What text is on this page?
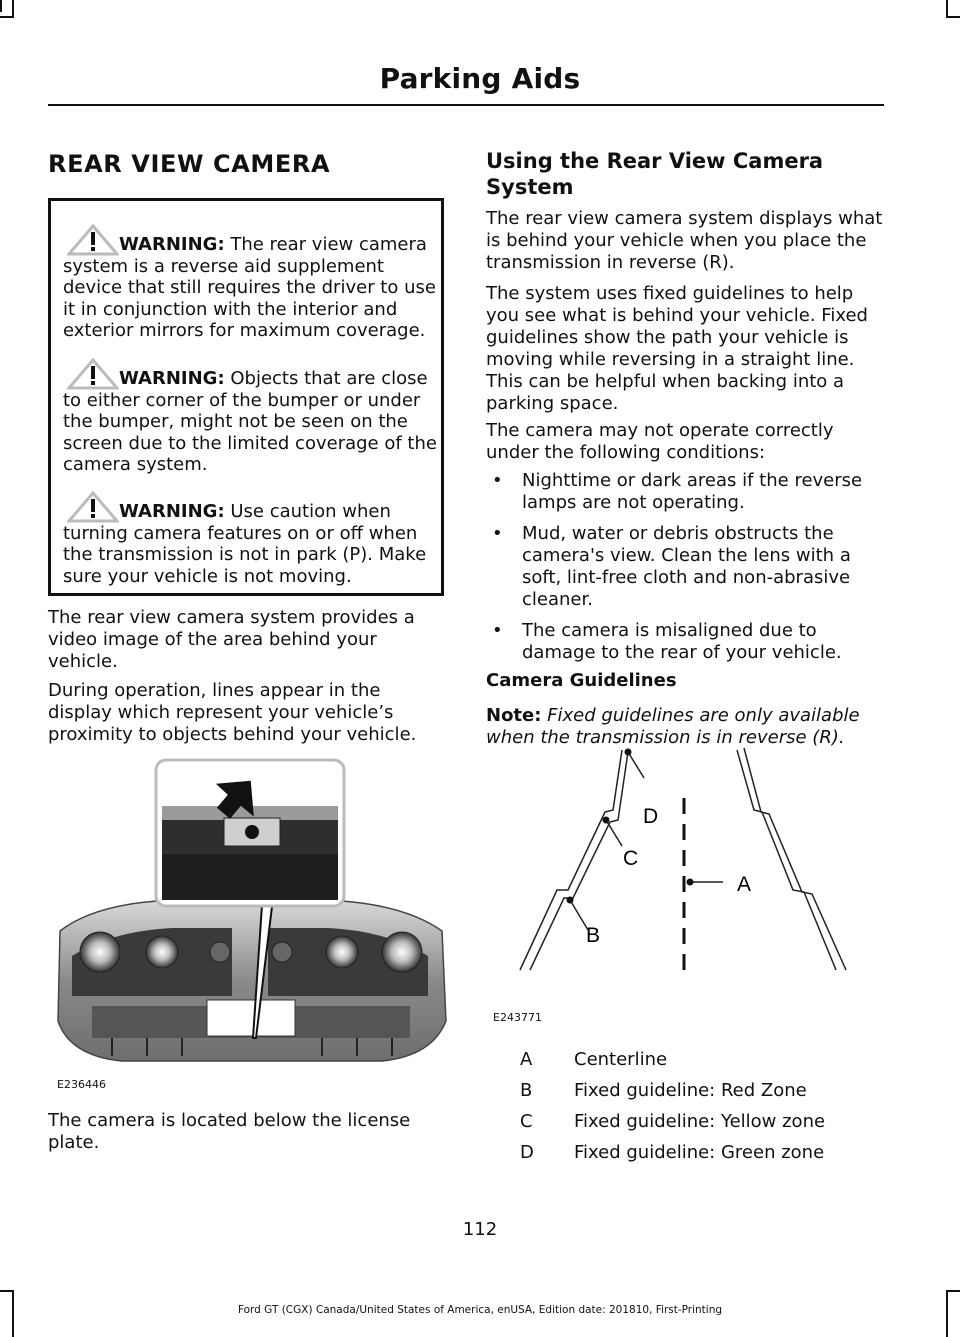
Parking Aids
REAR VIEW CAMERA
WARNING: The rear view camera system is a reverse aid supplement device that still requires the driver to use it in conjunction with the interior and exterior mirrors for maximum coverage.
WARNING: Objects that are close to either corner of the bumper or under the bumper, might not be seen on the screen due to the limited coverage of the camera system.
WARNING: Use caution when turning camera features on or off when the transmission is not in park (P). Make sure your vehicle is not moving.

The rear view camera system provides a video image of the area behind your vehicle.

During operation, lines appear in the display which represent your vehicle’s proximity to objects behind your vehicle.

E236446

The camera is located below the license plate.

Using the Rear View Camera System

The rear view camera system displays what is behind your vehicle when you place the transmission in reverse (R).

The system uses fixed guidelines to help you see what is behind your vehicle. Fixed guidelines show the path your vehicle is moving while reversing in a straight line. This can be helpful when backing into a parking space.

The camera may not operate correctly under the following conditions:

• Nighttime or dark areas if the reverse lamps are not operating.
• Mud, water or debris obstructs the camera's view. Clean the lens with a soft, lint-free cloth and non-abrasive cleaner.
• The camera is misaligned due to damage to the rear of your vehicle.
Camera Guidelines

Note: Fixed guidelines are only available when the transmission is in reverse (R).

B
C
D
A
E243771
A	Centerline
B	Fixed guideline: Red Zone
C	Fixed guideline: Yellow zone
D	Fixed guideline: Green zone
112
Ford GT (CGX) Canada/United States of America, enUSA, Edition date: 201810, First-Printing
